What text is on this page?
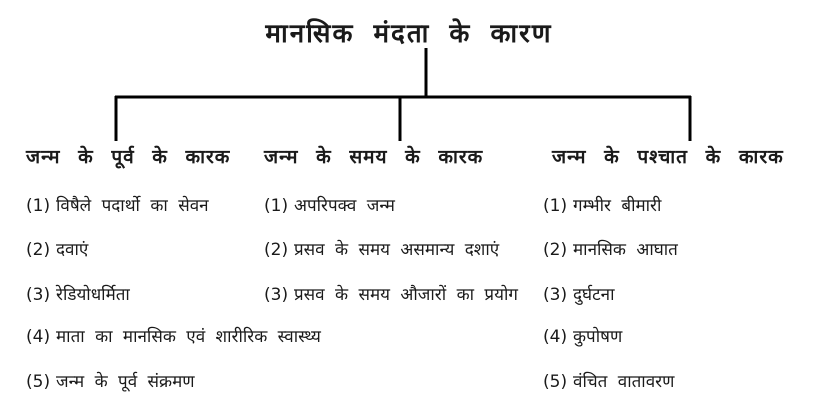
मानसिक मंदता के कारण
जन्म के पूर्व के कारक
(1) विषैले पदार्थो का सेवन
(2) दवाएं
(3) रेडियोधर्मिता
(4) माता का मानसिक एवं शारीरिक स्वास्थ्य
(5) जन्म के पूर्व संक्रमण
जन्म के समय के कारक
(1) अपरिपक्व जन्म
(2) प्रसव के समय असमान्य दशाएं
(3) प्रसव के समय औजारों का प्रयोग
जन्म के पश्चात के कारक
(1) गम्भीर बीमारी
(2) मानसिक आघात
(3) दुर्घटना
(4) कुपोषण
(5) वंचित वातावरण
